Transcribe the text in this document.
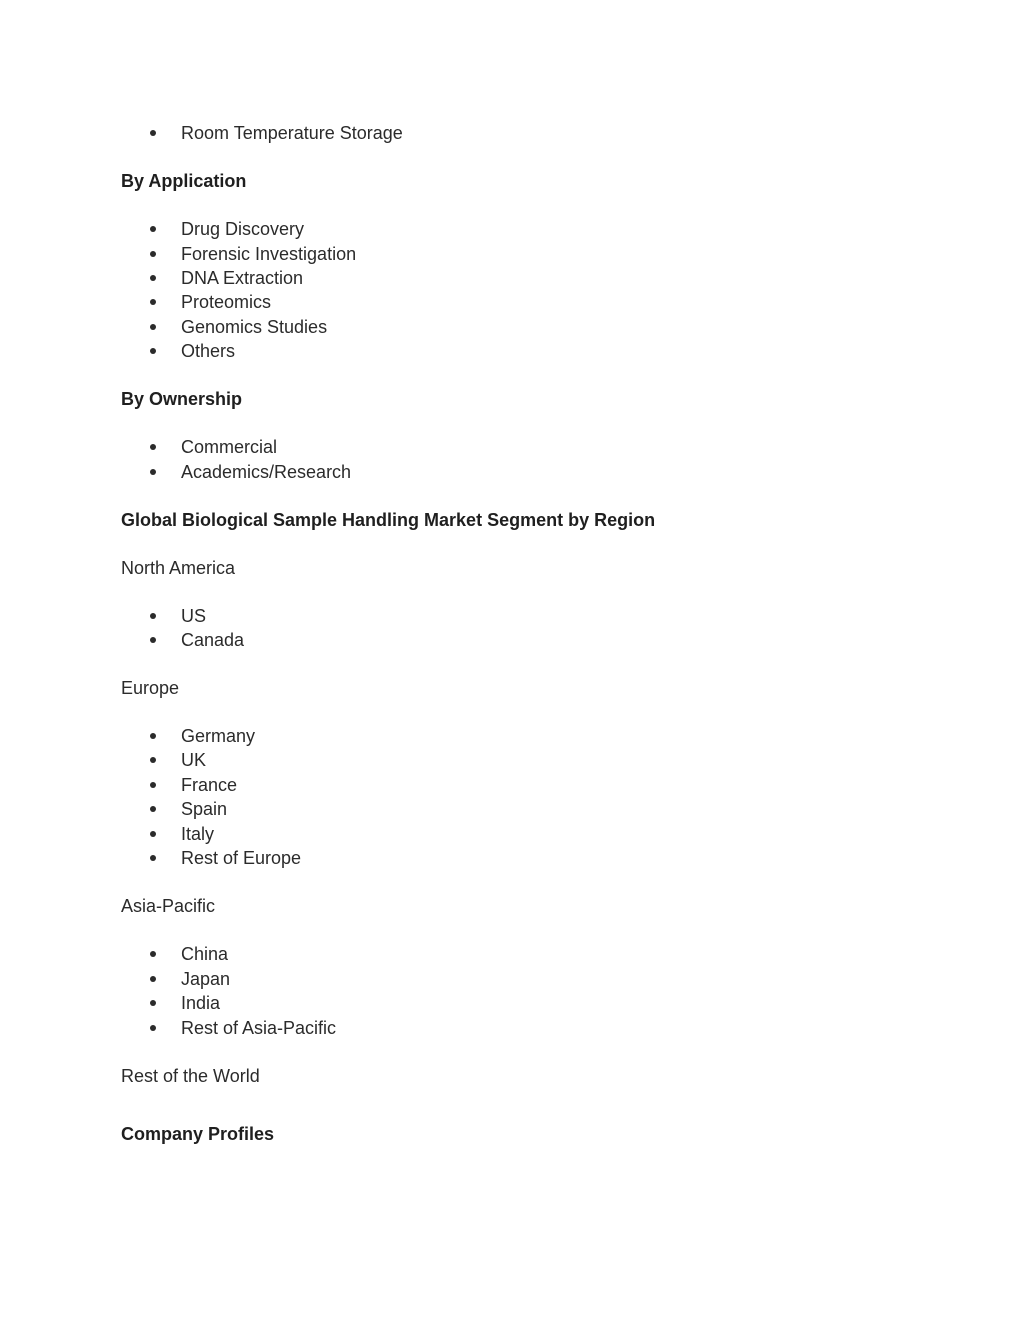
Room Temperature Storage
By Application
Drug Discovery
Forensic Investigation
DNA Extraction
Proteomics
Genomics Studies
Others
By Ownership
Commercial
Academics/Research
Global Biological Sample Handling Market Segment by Region
North America
US
Canada
Europe
Germany
UK
France
Spain
Italy
Rest of Europe
Asia-Pacific
China
Japan
India
Rest of Asia-Pacific
Rest of the World
Company Profiles
